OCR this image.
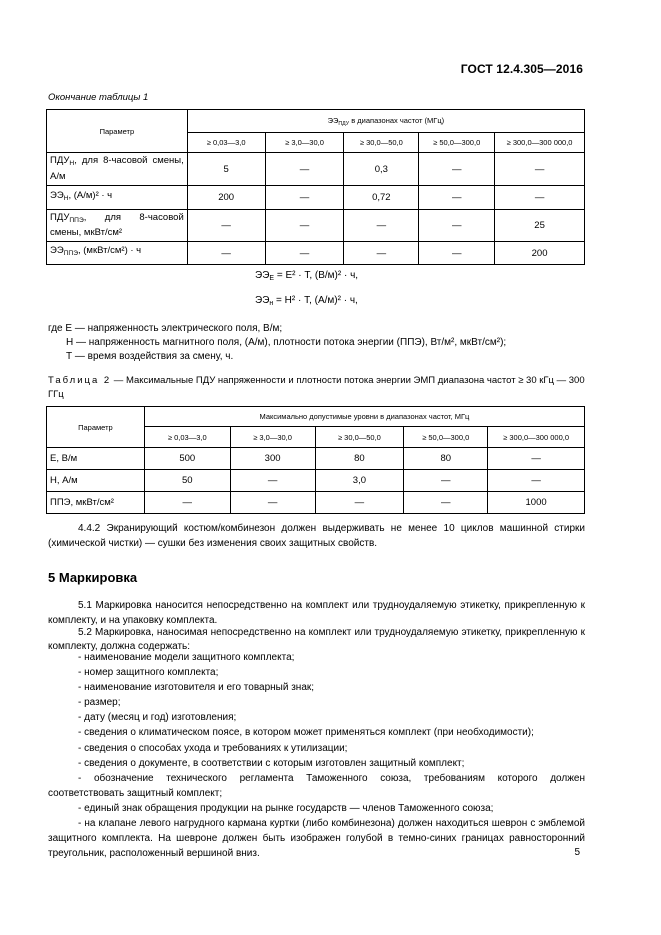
ГОСТ 12.4.305—2016
Окончание таблицы 1
Параметр	$ЭЭ_{ПДУ}$ в диапазонах частот (МГц)				
	≥ 0,03—3,0	≥ 3,0—30,0	≥ 30,0—50,0	≥ 50,0—300,0	≥ 300,0—300 000,0
$ПДУ_Н$, для 8-часовой смены, А/м	5	—	0,3	—	—
$ЭЭ_Н$, (А/м)² · ч	200	—	0,72	—	—
$ПДУ_{ППЭ}$, для 8-часовой смены, мкВт/см²	—	—	—	—	25
$ЭЭ_{ППЭ}$, (мкВт/см²) · ч	—	—	—	—	200
$ЭЭ_Е = Е^2 \cdot Т$, (В/м)² · ч,
$ЭЭ_н = Н^2 \cdot Т$, (А/м)² · ч,
где Е — напряженность электрического поля, В/м;
Н — напряженность магнитного поля, (А/м), плотности потока энергии (ППЭ), Вт/м², мкВт/см²);
Т — время воздействия за смену, ч.
Таблица 2 — Максимальные ПДУ напряженности и плотности потока энергии ЭМП диапазона частот ≥ 30 кГц — 300 ГГц
Параметр	Максимально допустимые уровни в диапазонах частот, МГц				
	≥ 0,03—3,0	≥ 3,0—30,0	≥ 30,0—50,0	≥ 50,0—300,0	≥ 300,0—300 000,0
Е, В/м	500	300	80	80	—
Н, А/м	50	—	3,0	—	—
ППЭ, мкВт/см²	—	—	—	—	1000
4.4.2 Экранирующий костюм/комбинезон должен выдерживать не менее 10 циклов машинной стирки (химической чистки) — сушки без изменения своих защитных свойств.
5 Маркировка
5.1 Маркировка наносится непосредственно на комплект или трудноудаляемую этикетку, прикрепленную к комплекту, и на упаковку комплекта.
5.2 Маркировка, наносимая непосредственно на комплект или трудноудаляемую этикетку, прикрепленную к комплекту, должна содержать:
- наименование модели защитного комплекта;
- номер защитного комплекта;
- наименование изготовителя и его товарный знак;
- размер;
- дату (месяц и год) изготовления;
- сведения о климатическом поясе, в котором может применяться комплект (при необходимости);
- сведения о способах ухода и требованиях к утилизации;
- сведения о документе, в соответствии с которым изготовлен защитный комплект;
- обозначение технического регламента Таможенного союза, требованиям которого должен соответствовать защитный комплект;
- единый знак обращения продукции на рынке государств — членов Таможенного союза;
- на клапане левого нагрудного кармана куртки (либо комбинезона) должен находиться шеврон с эмблемой защитного комплекта. На шевроне должен быть изображен голубой в темно-синих границах равносторонний треугольник, расположенный вершиной вниз.	5
